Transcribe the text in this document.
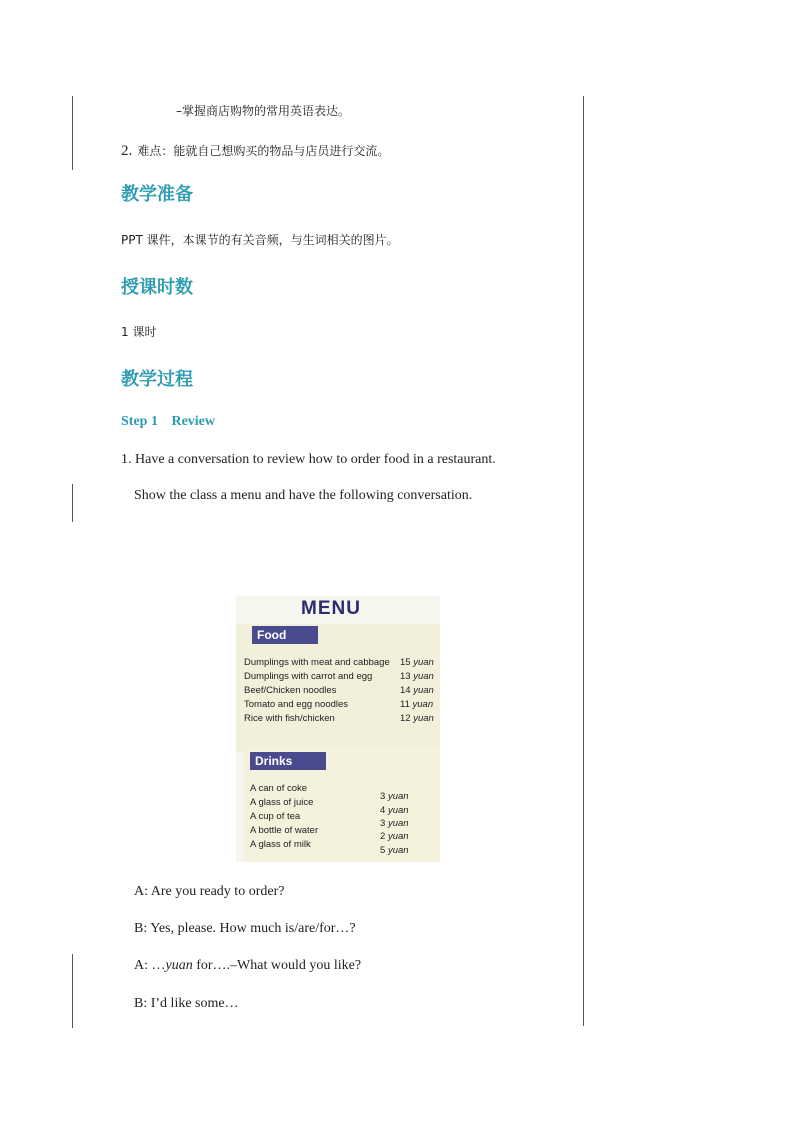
–掌握商店购物的常用英语表达。
2. 难点：能就自己想购买的物品与店员进行交流。
教学准备
PPT 课件，本课节的有关音频，与生词相关的图片。
授课时数
1 课时
教学过程
Step 1 Review
1. Have a conversation to review how to order food in a restaurant.
Show the class a menu and have the following conversation.
MENU
Food
Dumplings with meat and cabbage
Dumplings with carrot and egg
Beef/Chicken noodles
Tomato and egg noodles
Rice with fish/chicken
15 yuan
13 yuan
14 yuan
11 yuan
12 yuan
Drinks
A can of coke
A glass of juice
A cup of tea
A bottle of water
A glass of milk
3 yuan
4 yuan
3 yuan
2 yuan
5 yuan
A: Are you ready to order?
B: Yes, please. How much is/are/for…?
A: …yuan for….–What would you like?
B: I’d like some…
